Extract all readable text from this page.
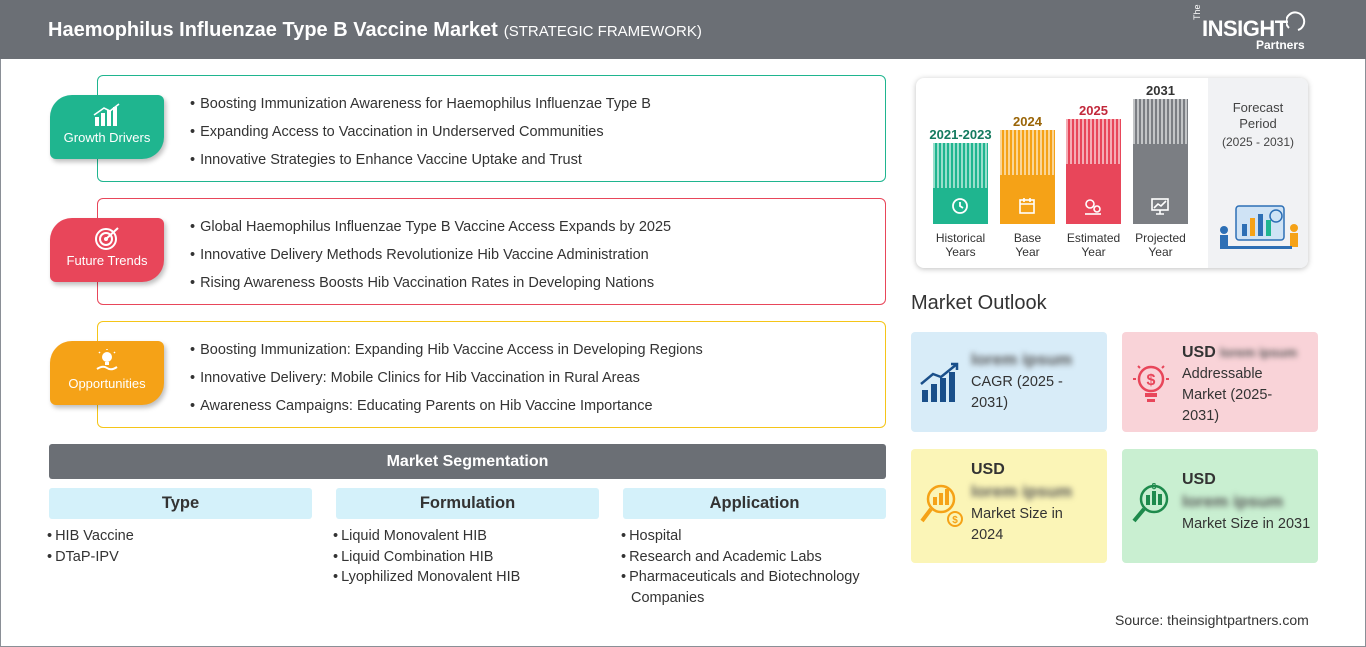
Haemophilus Influenzae Type B Vaccine Market (STRATEGIC FRAMEWORK)
The
INSIGHT
Partners
• Boosting Immunization Awareness for Haemophilus Influenzae Type B
• Expanding Access to Vaccination in Underserved Communities
• Innovative Strategies to Enhance Vaccine Uptake and Trust
Growth Drivers
• Global Haemophilus Influenzae Type B Vaccine Access Expands by 2025
• Innovative Delivery Methods Revolutionize Hib Vaccine Administration
• Rising Awareness Boosts Hib Vaccination Rates in Developing Nations
Future Trends
• Boosting Immunization: Expanding Hib Vaccine Access in Developing Regions
• Innovative Delivery: Mobile Clinics for Hib Vaccination in Rural Areas
• Awareness Campaigns: Educating Parents on Hib Vaccine Importance
Opportunities
Market Segmentation
Type
• HIB Vaccine
• DTaP-IPV
Formulation
• Liquid Monovalent HIB
• Liquid Combination HIB
• Lyophilized Monovalent HIB
Application
• Hospital
• Research and Academic Labs
• Pharmaceuticals and Biotechnology Companies
Forecast
Period
(2025 - 2031)
2021-2023
Historical
Years
2024
Base
Year
2025
Estimated
Year
2031
Projected
Year
Market Outlook
lorem ipsum
CAGR (2025 -
2031)
$
USD lorem ipsum
Addressable
Market (2025-
2031)
$
USD
lorem ipsum
Market Size in
2024
$ USD
lorem ipsum
Market Size in 2031
Source: theinsightpartners.com
